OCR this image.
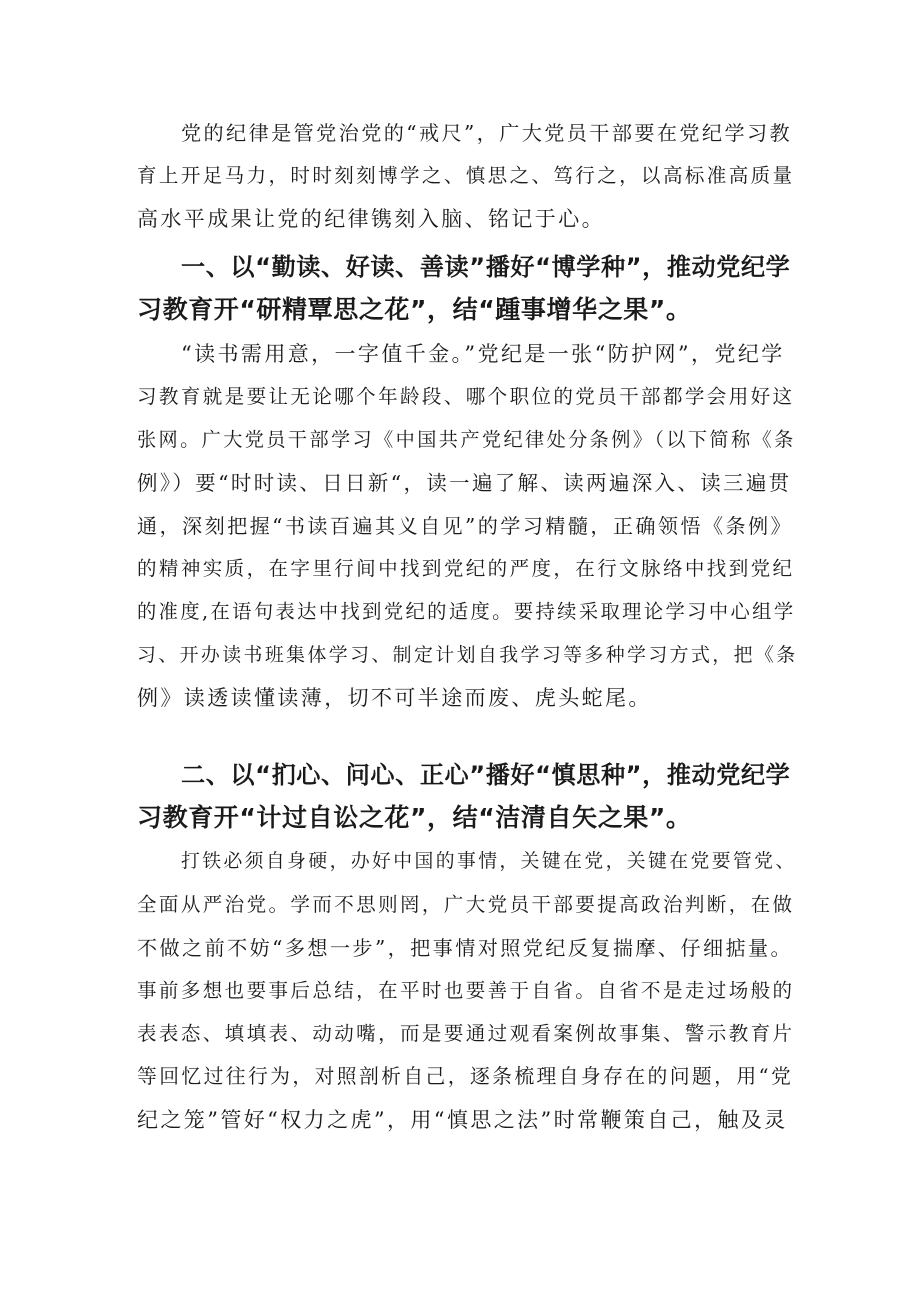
党的纪律是管党治党的“戒尺”，广大党员干部要在党纪学习教

育上开足马力，时时刻刻博学之、慎思之、笃行之，以高标准高质量

高水平成果让党的纪律镌刻入脑、铭记于心。

一、以“勤读、好读、善读”播好“博学种”，推动党纪学

习教育开“研精覃思之花”，结“踵事增华之果”。

“读书需用意，一字值千金。”党纪是一张“防护网”，党纪学

习教育就是要让无论哪个年龄段、哪个职位的党员干部都学会用好这

张网。广大党员干部学习《中国共产党纪律处分条例》（以下简称《条

例》）要“时时读、日日新“，读一遍了解、读两遍深入、读三遍贯

通，深刻把握“书读百遍其义自见”的学习精髓，正确领悟《条例》

的精神实质，在字里行间中找到党纪的严度，在行文脉络中找到党纪

的准度,在语句表达中找到党纪的适度。要持续采取理论学习中心组学

习、开办读书班集体学习、制定计划自我学习等多种学习方式，把《条

例》读透读懂读薄，切不可半途而废、虎头蛇尾。

二、以“扪心、问心、正心”播好“慎思种”，推动党纪学

习教育开“计过自讼之花”，结“洁清自矢之果”。

打铁必须自身硬，办好中国的事情，关键在党，关键在党要管党、

全面从严治党。学而不思则罔，广大党员干部要提高政治判断，在做

不做之前不妨“多想一步”，把事情对照党纪反复揣摩、仔细掂量。

事前多想也要事后总结，在平时也要善于自省。自省不是走过场般的

表表态、填填表、动动嘴，而是要通过观看案例故事集、警示教育片

等回忆过往行为，对照剖析自己，逐条梳理自身存在的问题，用“党

纪之笼”管好“权力之虎”，用“慎思之法”时常鞭策自己，触及灵
